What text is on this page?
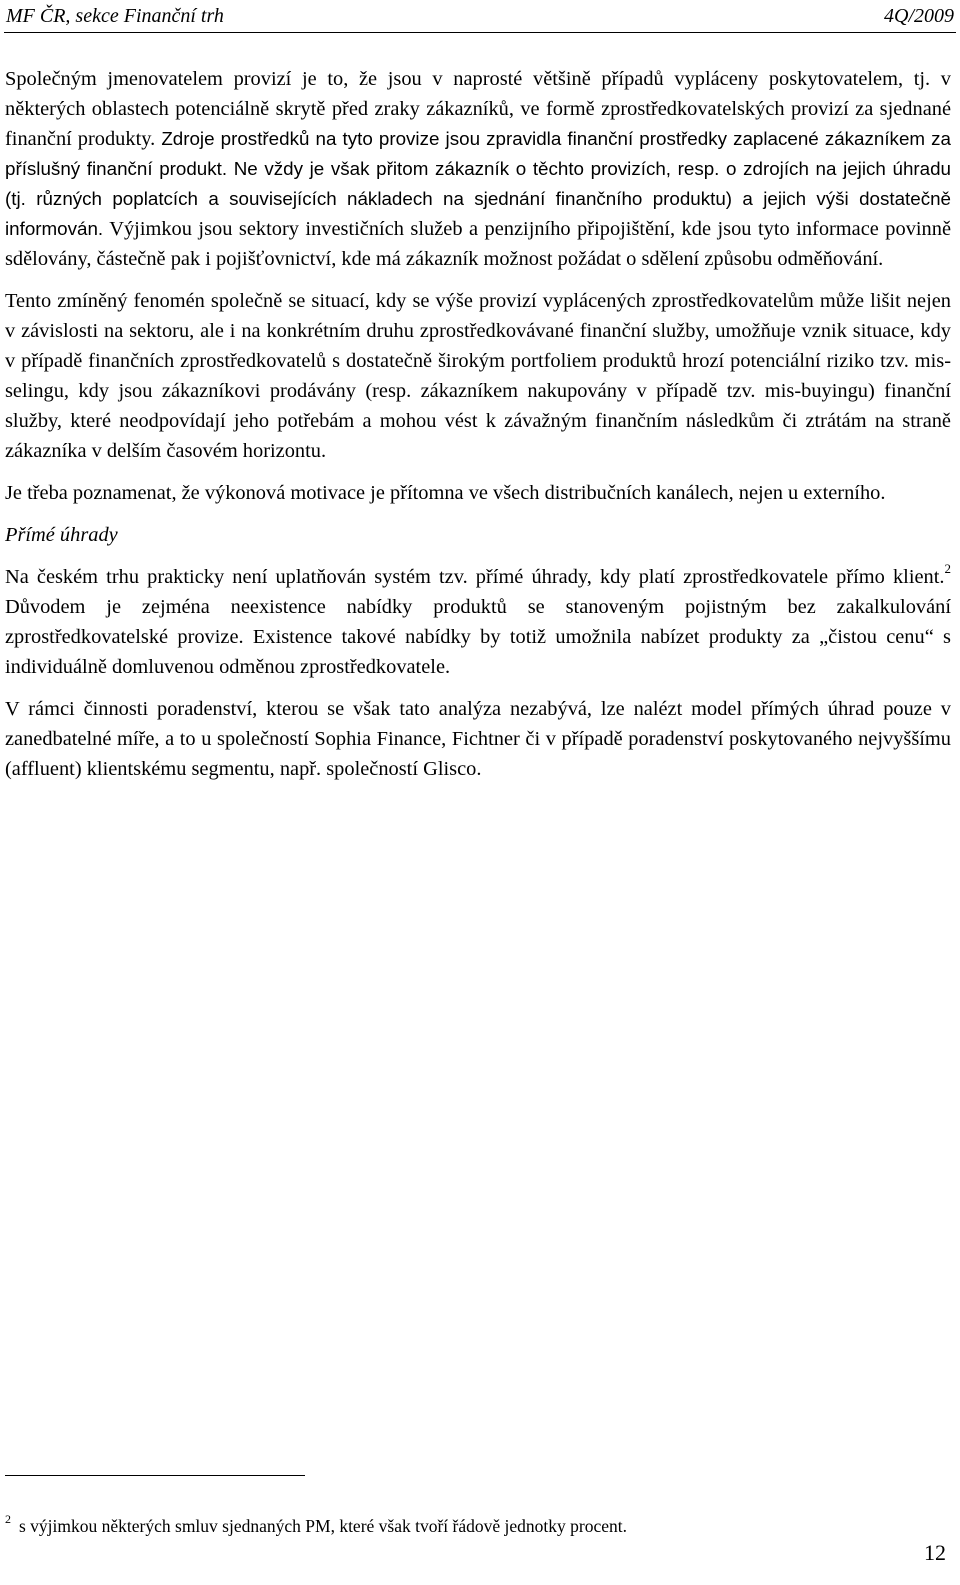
MF ČR, sekce Finanční trh	4Q/2009

Společným jmenovatelem provizí je to, že jsou v naprosté většině případů vypláceny poskytovatelem, tj. v některých oblastech potenciálně skrytě před zraky zákazníků, ve formě zprostředkovatelských provizí za sjednané finanční produkty. Zdroje prostředků na tyto provize jsou zpravidla finanční prostředky zaplacené zákazníkem za příslušný finanční produkt. Ne vždy je však přitom zákazník o těchto provizích, resp. o zdrojích na jejich úhradu (tj. různých poplatcích a souvisejících nákladech na sjednání finančního produktu) a jejich výši dostatečně informován. Výjimkou jsou sektory investičních služeb a penzijního připojištění, kde jsou tyto informace povinně sdělovány, částečně pak i pojišťovnictví, kde má zákazník možnost požádat o sdělení způsobu odměňování.

Tento zmíněný fenomén společně se situací, kdy se výše provizí vyplácených zprostředkovatelům může lišit nejen v závislosti na sektoru, ale i na konkrétním druhu zprostředkovávané finanční služby, umožňuje vznik situace, kdy v případě finančních zprostředkovatelů s dostatečně širokým portfoliem produktů hrozí potenciální riziko tzv. mis-selingu, kdy jsou zákazníkovi prodávány (resp. zákazníkem nakupovány v případě tzv. mis-buyingu) finanční služby, které neodpovídají jeho potřebám a mohou vést k závažným finančním následkům či ztrátám na straně zákazníka v delším časovém horizontu.

Je třeba poznamenat, že výkonová motivace je přítomna ve všech distribučních kanálech, nejen u externího.

Přímé úhrady

Na českém trhu prakticky není uplatňován systém tzv. přímé úhrady, kdy platí zprostředkovatele přímo klient.$^2$ Důvodem je zejména neexistence nabídky produktů se stanoveným pojistným bez zakalkulování zprostředkovatelské provize. Existence takové nabídky by totiž umožnila nabízet produkty za „čistou cenu“ s individuálně domluvenou odměnou zprostředkovatele.

V rámci činnosti poradenství, kterou se však tato analýza nezabývá, lze nalézt model přímých úhrad pouze v zanedbatelné míře, a to u společností Sophia Finance, Fichtner či v případě poradenství poskytovaného nejvyššímu (affluent) klientskému segmentu, např. společností Glisco.

$^2$ s výjimkou některých smluv sjednaných PM, které však tvoří řádově jednotky procent.
12
